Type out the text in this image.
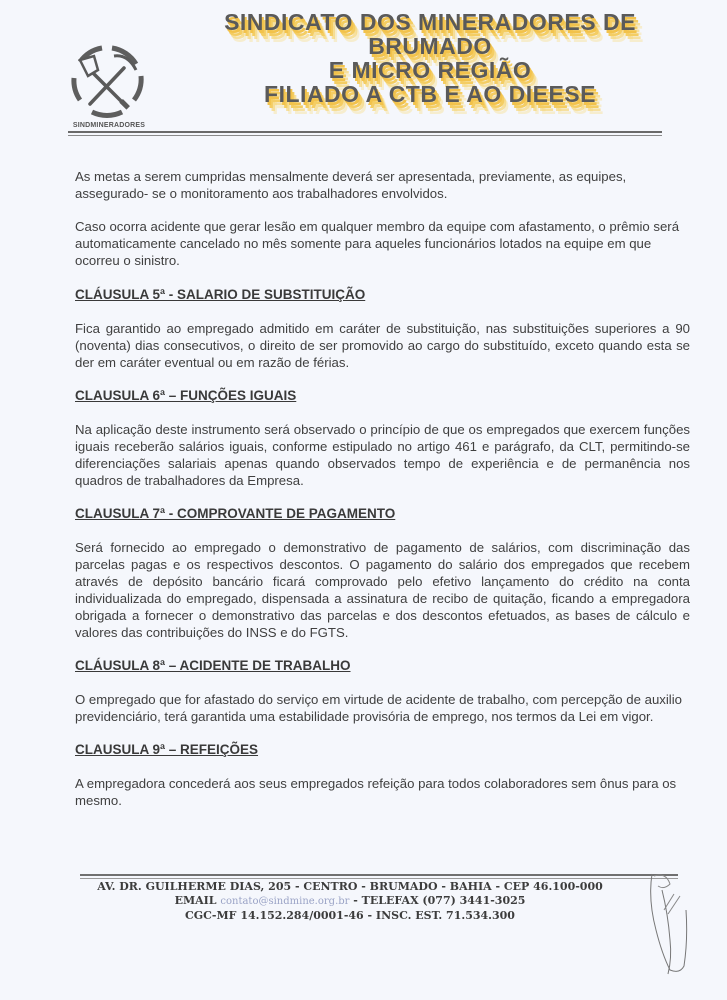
SINDMINERADORES
SINDICATO DOS MINERADORES DE
BRUMADO
E MICRO REGIÃO
FILIADO A CTB E AO DIEESE

As metas a serem cumpridas mensalmente deverá ser apresentada, previamente, as equipes, assegurado- se o monitoramento aos trabalhadores envolvidos.

Caso ocorra acidente que gerar lesão em qualquer membro da equipe com afastamento, o prêmio será automaticamente cancelado no mês somente para aqueles funcionários lotados na equipe em que ocorreu o sinistro.

CLÁUSULA 5ª - SALARIO DE SUBSTITUIÇÃO

Fica garantido ao empregado admitido em caráter de substituição, nas substituições superiores a 90 (noventa) dias consecutivos, o direito de ser promovido ao cargo do substituído, exceto quando esta se der em caráter eventual ou em razão de férias.

CLAUSULA 6ª – FUNÇÕES IGUAIS

Na aplicação deste instrumento será observado o princípio de que os empregados que exercem funções iguais receberão salários iguais, conforme estipulado no artigo 461 e parágrafo, da CLT, permitindo-se diferenciações salariais apenas quando observados tempo de experiência e de permanência nos quadros de trabalhadores da Empresa.

CLAUSULA 7ª - COMPROVANTE DE PAGAMENTO

Será fornecido ao empregado o demonstrativo de pagamento de salários, com discriminação das parcelas pagas e os respectivos descontos. O pagamento do salário dos empregados que recebem através de depósito bancário ficará comprovado pelo efetivo lançamento do crédito na conta individualizada do empregado, dispensada a assinatura de recibo de quitação, ficando a empregadora obrigada a fornecer o demonstrativo das parcelas e dos descontos efetuados, as bases de cálculo e valores das contribuições do INSS e do FGTS.

CLÁUSULA 8ª – ACIDENTE DE TRABALHO

O empregado que for afastado do serviço em virtude de acidente de trabalho, com percepção de auxilio previdenciário, terá garantida uma estabilidade provisória de emprego, nos termos da Lei em vigor.

CLAUSULA 9ª – REFEIÇÕES

A empregadora concederá aos seus empregados refeição para todos colaboradores sem ônus para os mesmo.

AV. DR. GUILHERME DIAS, 205 - CENTRO - BRUMADO - BAHIA - CEP 46.100-000
EMAIL contato@sindmine.org.br - TELEFAX (077) 3441-3025
CGC-MF 14.152.284/0001-46 - INSC. EST. 71.534.300
